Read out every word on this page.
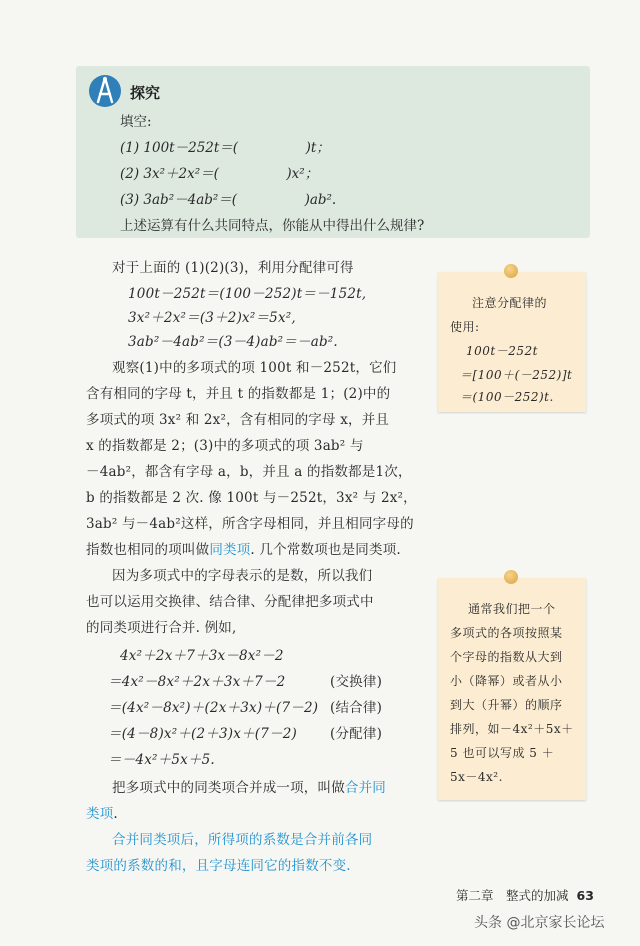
探究
填空:
(1) 100t－252t＝(　　　　　)t；
(2) 3x²＋2x²＝(　　　　　)x²；
(3) 3ab²－4ab²＝(　　　　　)ab².
上述运算有什么共同特点，你能从中得出什么规律?
对于上面的 (1)(2)(3)，利用分配律可得
100t－252t＝(100－252)t＝－152t,
3x²＋2x²＝(3＋2)x²＝5x²,
3ab²－4ab²＝(3－4)ab²＝－ab².
观察(1)中的多项式的项 100t 和－252t，它们
含有相同的字母 t，并且 t 的指数都是 1；(2)中的
多项式的项 3x² 和 2x²，含有相同的字母 x，并且
x 的指数都是 2；(3)中的多项式的项 3ab² 与
－4ab²，都含有字母 a，b，并且 a 的指数都是1次，
b 的指数都是 2 次. 像 100t 与－252t，3x² 与 2x²，
3ab² 与－4ab²这样，所含字母相同，并且相同字母的
指数也相同的项叫做同类项. 几个常数项也是同类项.
因为多项式中的字母表示的是数，所以我们
也可以运用交换律、结合律、分配律把多项式中
的同类项进行合并. 例如,
4x²＋2x＋7＋3x－8x²－2
＝4x²－8x²＋2x＋3x＋7－2	(交换律)
＝(4x²－8x²)＋(2x＋3x)＋(7－2) (结合律)
＝(4－8)x²＋(2＋3)x＋(7－2) (分配律)
＝－4x²＋5x＋5.
把多项式中的同类项合并成一项，叫做合并同
类项.
合并同类项后，所得项的系数是合并前各同
类项的系数的和，且字母连同它的指数不变.
注意分配律的
使用:
100t－252t
＝[100＋(－252)]t
＝(100－252)t.
通常我们把一个
多项式的各项按照某
个字母的指数从大到
小（降幂）或者从小
到大（升幂）的顺序
排列，如－4x²＋5x＋
5 也可以写成 5 ＋
5x－4x².
第二章　整式的加减 63
头条 @北京家长论坛
